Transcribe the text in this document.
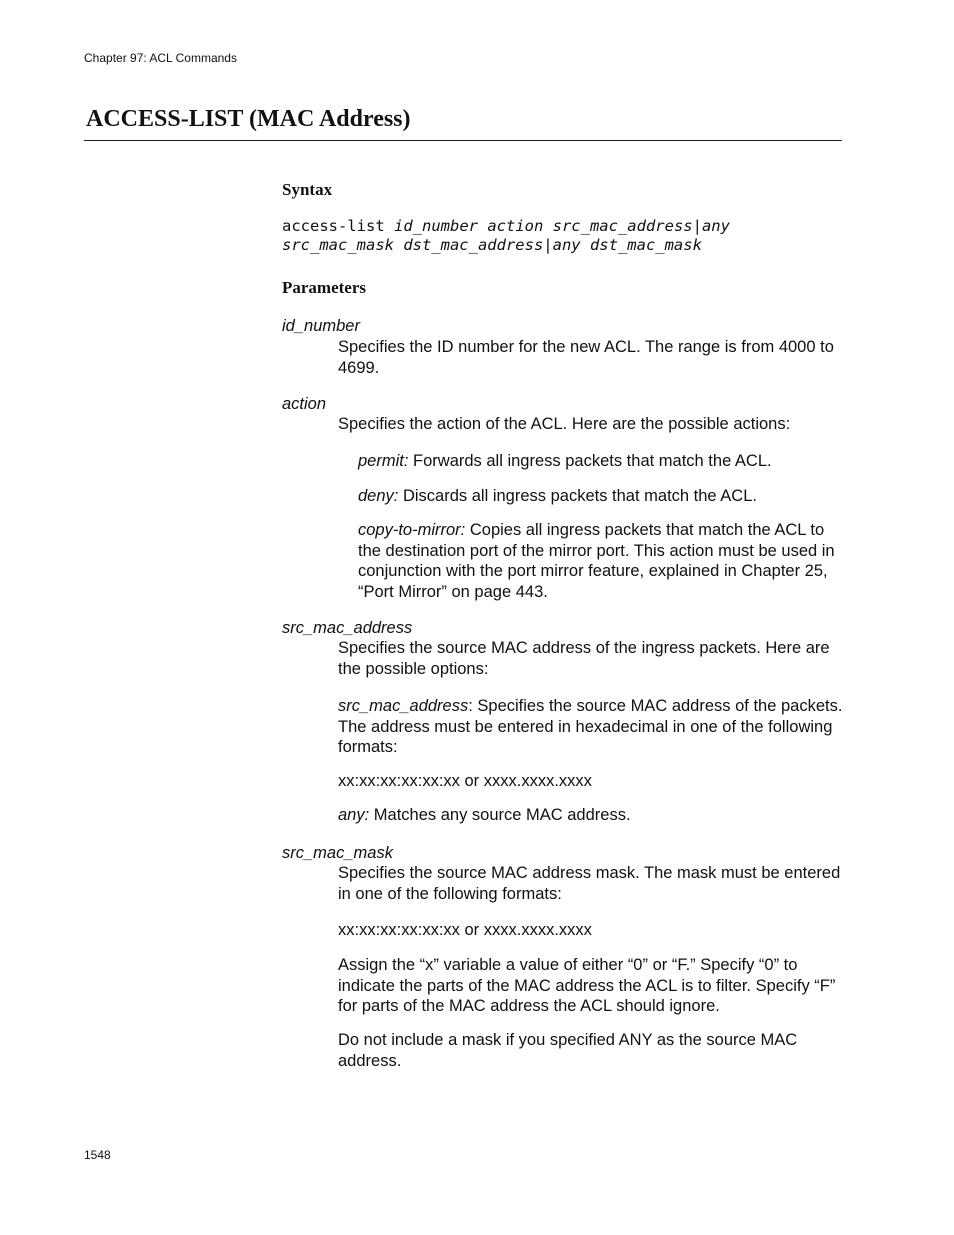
Chapter 97: ACL Commands
ACCESS-LIST (MAC Address)
Syntax
access-list id_number action src_mac_address|any
src_mac_mask dst_mac_address|any dst_mac_mask
Parameters
id_number

Specifies the ID number for the new ACL. The range is from 4000 to 4699.

action

Specifies the action of the ACL. Here are the possible actions:

permit: Forwards all ingress packets that match the ACL.

deny: Discards all ingress packets that match the ACL.

copy-to-mirror: Copies all ingress packets that match the ACL to the destination port of the mirror port. This action must be used in conjunction with the port mirror feature, explained in Chapter 25, “Port Mirror” on page 443.

src_mac_address

Specifies the source MAC address of the ingress packets. Here are the possible options:

src_mac_address: Specifies the source MAC address of the packets. The address must be entered in hexadecimal in one of the following formats:

xx:xx:xx:xx:xx:xx or xxxx.xxxx.xxxx

any: Matches any source MAC address.

src_mac_mask

Specifies the source MAC address mask. The mask must be entered in one of the following formats:

xx:xx:xx:xx:xx:xx or xxxx.xxxx.xxxx

Assign the “x” variable a value of either “0” or “F.” Specify “0” to indicate the parts of the MAC address the ACL is to filter. Specify “F” for parts of the MAC address the ACL should ignore.

Do not include a mask if you specified ANY as the source MAC address.

1548
